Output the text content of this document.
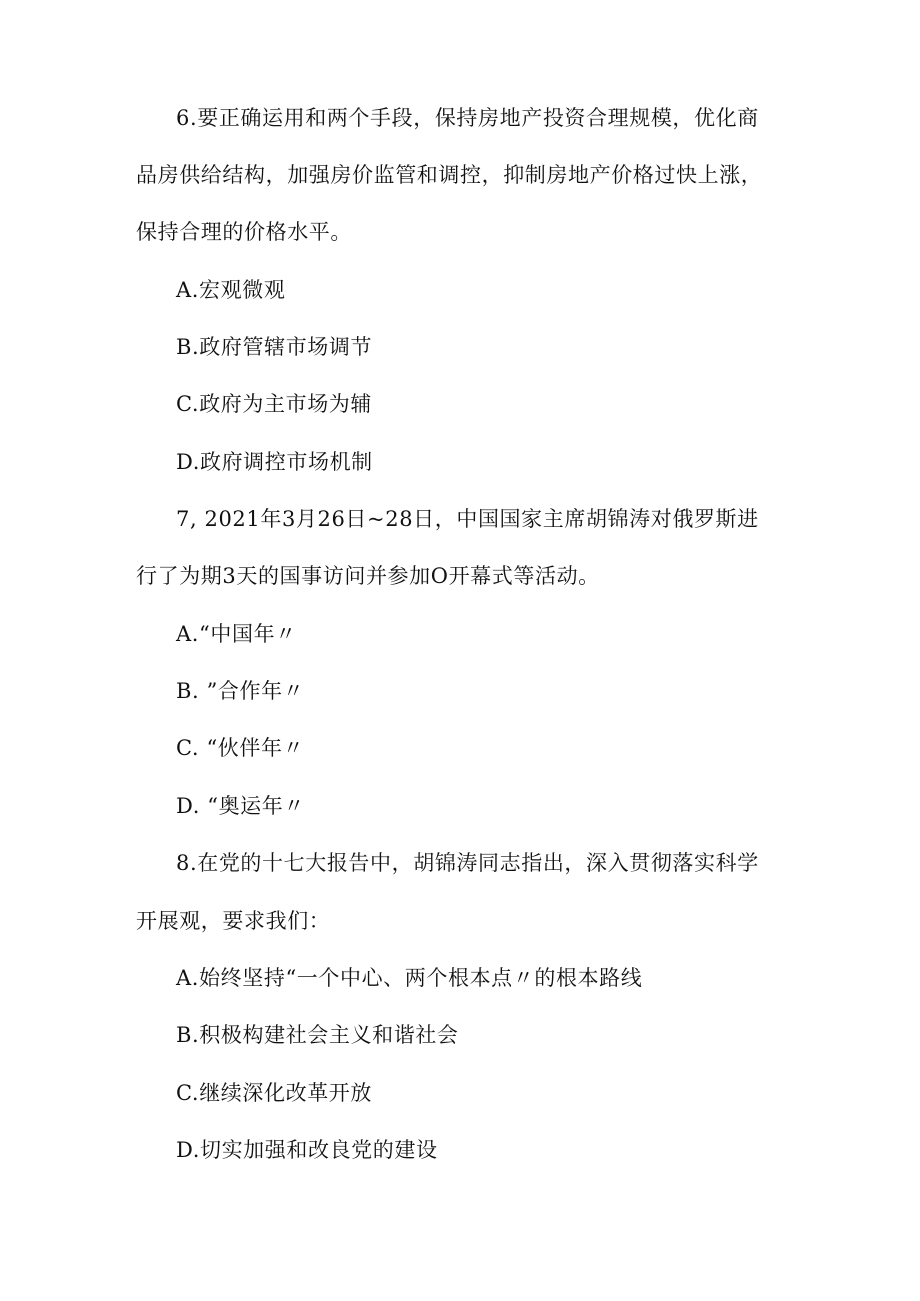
6.要正确运用和两个手段，保持房地产投资合理规模，优化商
品房供给结构，加强房价监管和调控，抑制房地产价格过快上涨，
保持合理的价格水平。
A.宏观微观
B.政府管辖市场调节
C.政府为主市场为辅
D.政府调控市场机制
7, 2021年3月26日~28日，中国国家主席胡锦涛对俄罗斯进
行了为期3天的国事访问并参加O开幕式等活动。
A.“中国年〃
B. ”合作年〃
C. “伙伴年〃
D. “奥运年〃
8.在党的十七大报告中，胡锦涛同志指出，深入贯彻落实科学
开展观，要求我们：
A.始终坚持“一个中心、两个根本点〃的根本路线
B.积极构建社会主义和谐社会
C.继续深化改革开放
D.切实加强和改良党的建设
